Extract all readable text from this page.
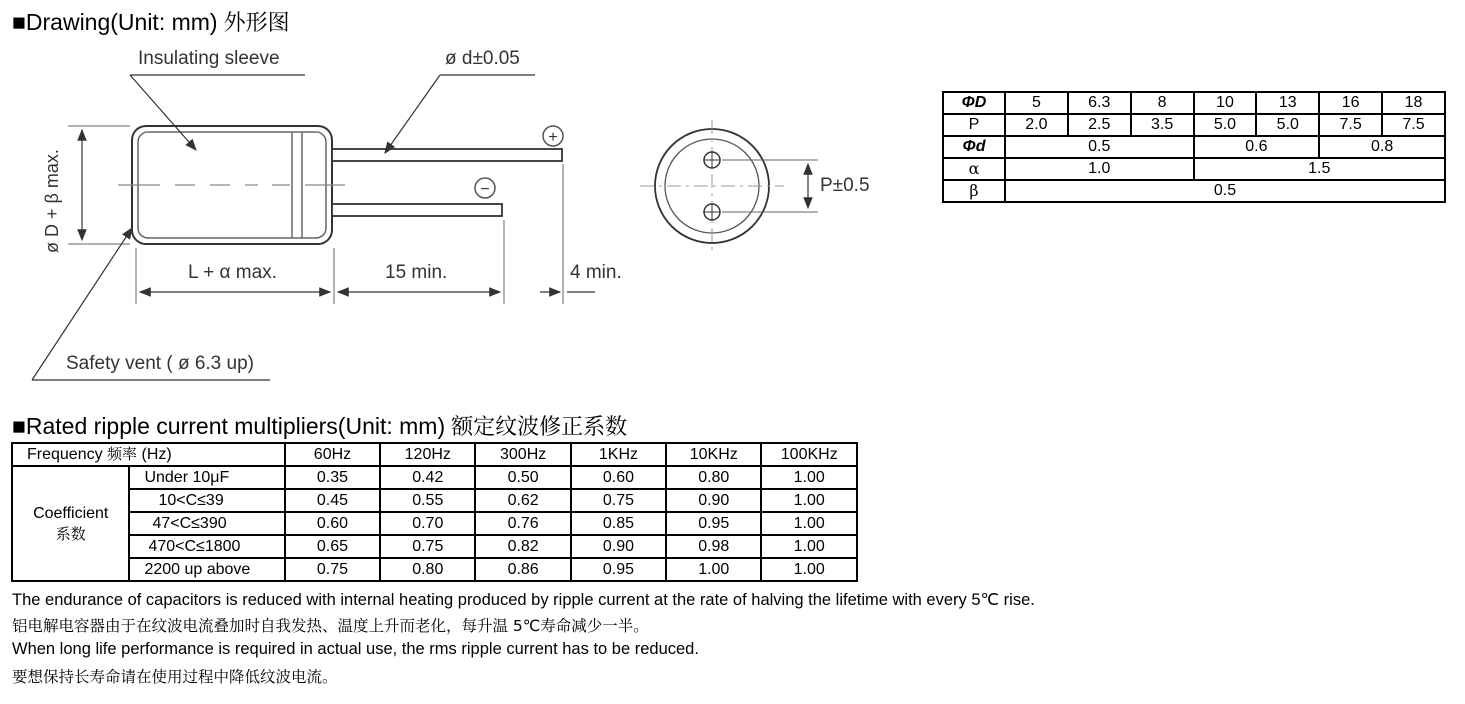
■Drawing(Unit: mm) 外形图
+
−
Insulating sleeve	ø d±0.05
ø D + β max.
L + α max.	15 min.	4 min.
Safety vent ( ø 6.3 up)
P±0.5
ΦD	5	6.3	8	10	13	16	18
P	2.0	2.5	3.5	5.0	5.0	7.5	7.5
Φd	0.5			0.6		0.8	
α	1.0			1.5			
β	0.5						
■Rated ripple current multipliers(Unit: mm) 额定纹波修正系数
Frequency 频率 (Hz)		60Hz	120Hz	300Hz	1KHz	10KHz	100KHz

Coefficient
系数	Under 10μF	0.35	0.42	0.50	0.60	0.80	1.00
	10<C≤39	0.45	0.55	0.62	0.75	0.90	1.00
	47<C≤390	0.60	0.70	0.76	0.85	0.95	1.00
	470<C≤1800	0.65	0.75	0.82	0.90	0.98	1.00
	2200 up above	0.75	0.80	0.86	0.95	1.00	1.00
The endurance of capacitors is reduced with internal heating produced by ripple current at the rate of halving the lifetime with every 5℃ rise.
铝电解电容器由于在纹波电流叠加时自我发热、温度上升而老化，每升温 5℃寿命减少一半。
When long life performance is required in actual use, the rms ripple current has to be reduced.
要想保持长寿命请在使用过程中降低纹波电流。
